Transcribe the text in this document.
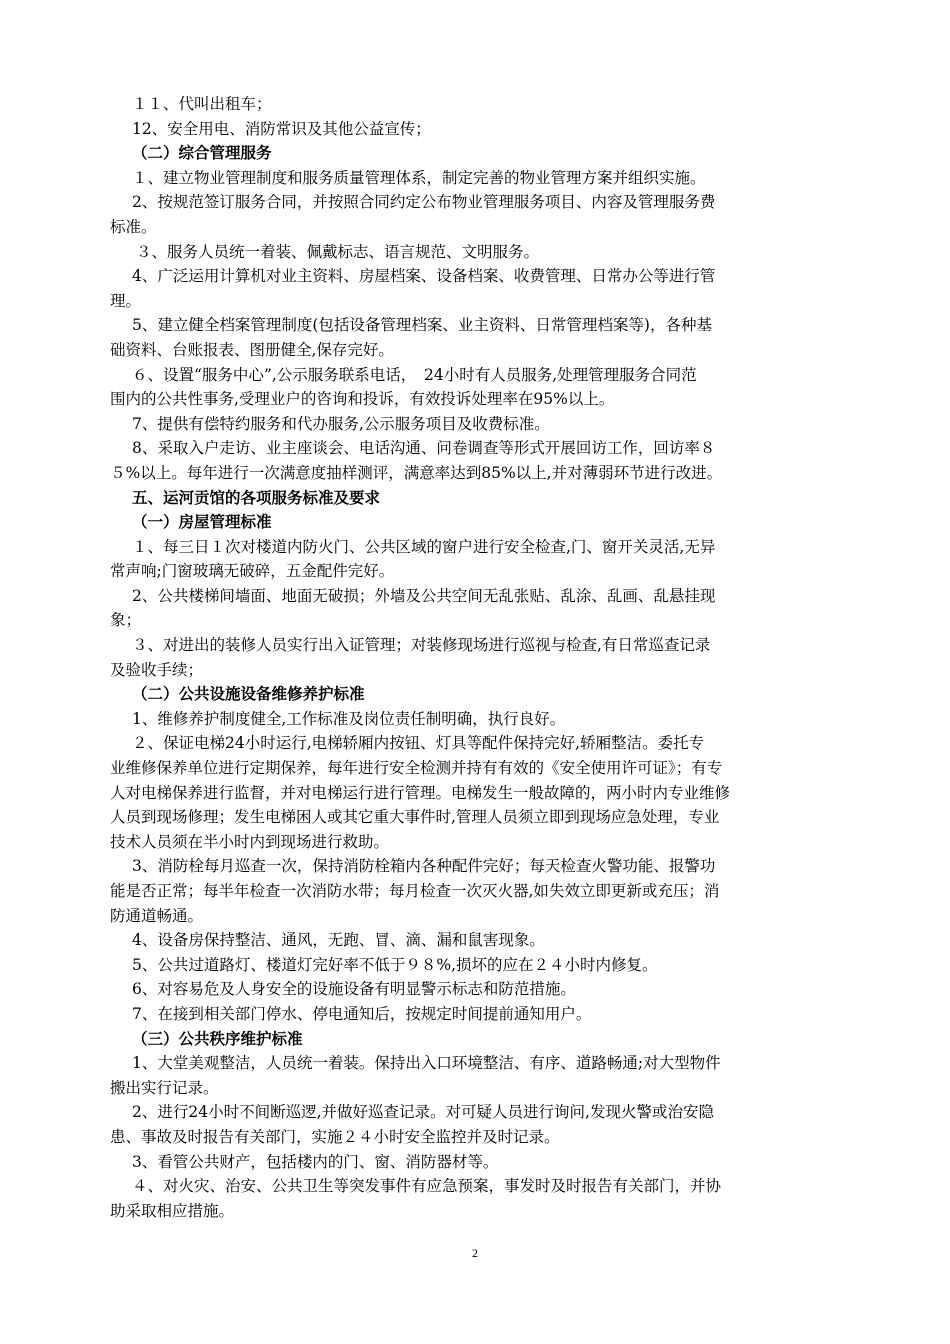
１１、代叫出租车；
12、安全用电、消防常识及其他公益宣传；
（二）综合管理服务
１、建立物业管理制度和服务质量管理体系，制定完善的物业管理方案并组织实施。
2、按规范签订服务合同，并按照合同约定公布物业管理服务项目、内容及管理服务费
标准。
３、服务人员统一着装、佩戴标志、语言规范、文明服务。
4、广泛运用计算机对业主资料、房屋档案、设备档案、收费管理、日常办公等进行管
理。
5、建立健全档案管理制度(包括设备管理档案、业主资料、日常管理档案等)，各种基
础资料、台账报表、图册健全,保存完好。
６、设置“服务中心”,公示服务联系电话，　24小时有人员服务,处理管理服务合同范
围内的公共性事务,受理业户的咨询和投诉，有效投诉处理率在95%以上。
7、提供有偿特约服务和代办服务,公示服务项目及收费标准。
8、采取入户走访、业主座谈会、电话沟通、问卷调查等形式开展回访工作，回访率８
５%以上。每年进行一次满意度抽样测评，满意率达到85%以上,并对薄弱环节进行改进。
五、运河贡馆的各项服务标准及要求
（一）房屋管理标准
１、每三日１次对楼道内防火门、公共区域的窗户进行安全检查,门、窗开关灵活,无异
常声响;门窗玻璃无破碎，五金配件完好。
2、公共楼梯间墙面、地面无破损；外墙及公共空间无乱张贴、乱涂、乱画、乱悬挂现
象；
３、对进出的装修人员实行出入证管理；对装修现场进行巡视与检查,有日常巡查记录
及验收手续；
（二）公共设施设备维修养护标准
1、维修养护制度健全,工作标准及岗位责任制明确，执行良好。
２、保证电梯24小时运行,电梯轿厢内按钮、灯具等配件保持完好,轿厢整洁。委托专
业维修保养单位进行定期保养，每年进行安全检测并持有有效的《安全使用许可证》；有专
人对电梯保养进行监督，并对电梯运行进行管理。电梯发生一般故障的，两小时内专业维修
人员到现场修理；发生电梯困人或其它重大事件时,管理人员须立即到现场应急处理，专业
技术人员须在半小时内到现场进行救助。
3、消防栓每月巡查一次，保持消防栓箱内各种配件完好；每天检查火警功能、报警功
能是否正常；每半年检查一次消防水带；每月检查一次灭火器,如失效立即更新或充压；消
防通道畅通。
4、设备房保持整洁、通风，无跑、冒、滴、漏和鼠害现象。
5、公共过道路灯、楼道灯完好率不低于９８%,损坏的应在２４小时内修复。
6、对容易危及人身安全的设施设备有明显警示标志和防范措施。
7、在接到相关部门停水、停电通知后，按规定时间提前通知用户。
（三）公共秩序维护标准
1、大堂美观整洁，人员统一着装。保持出入口环境整洁、有序、道路畅通;对大型物件
搬出实行记录。
2、进行24小时不间断巡逻,并做好巡查记录。对可疑人员进行询问,发现火警或治安隐
患、事故及时报告有关部门，实施２４小时安全监控并及时记录。
3、看管公共财产，包括楼内的门、窗、消防器材等。
４、对火灾、治安、公共卫生等突发事件有应急预案，事发时及时报告有关部门，并协
助采取相应措施。
2
